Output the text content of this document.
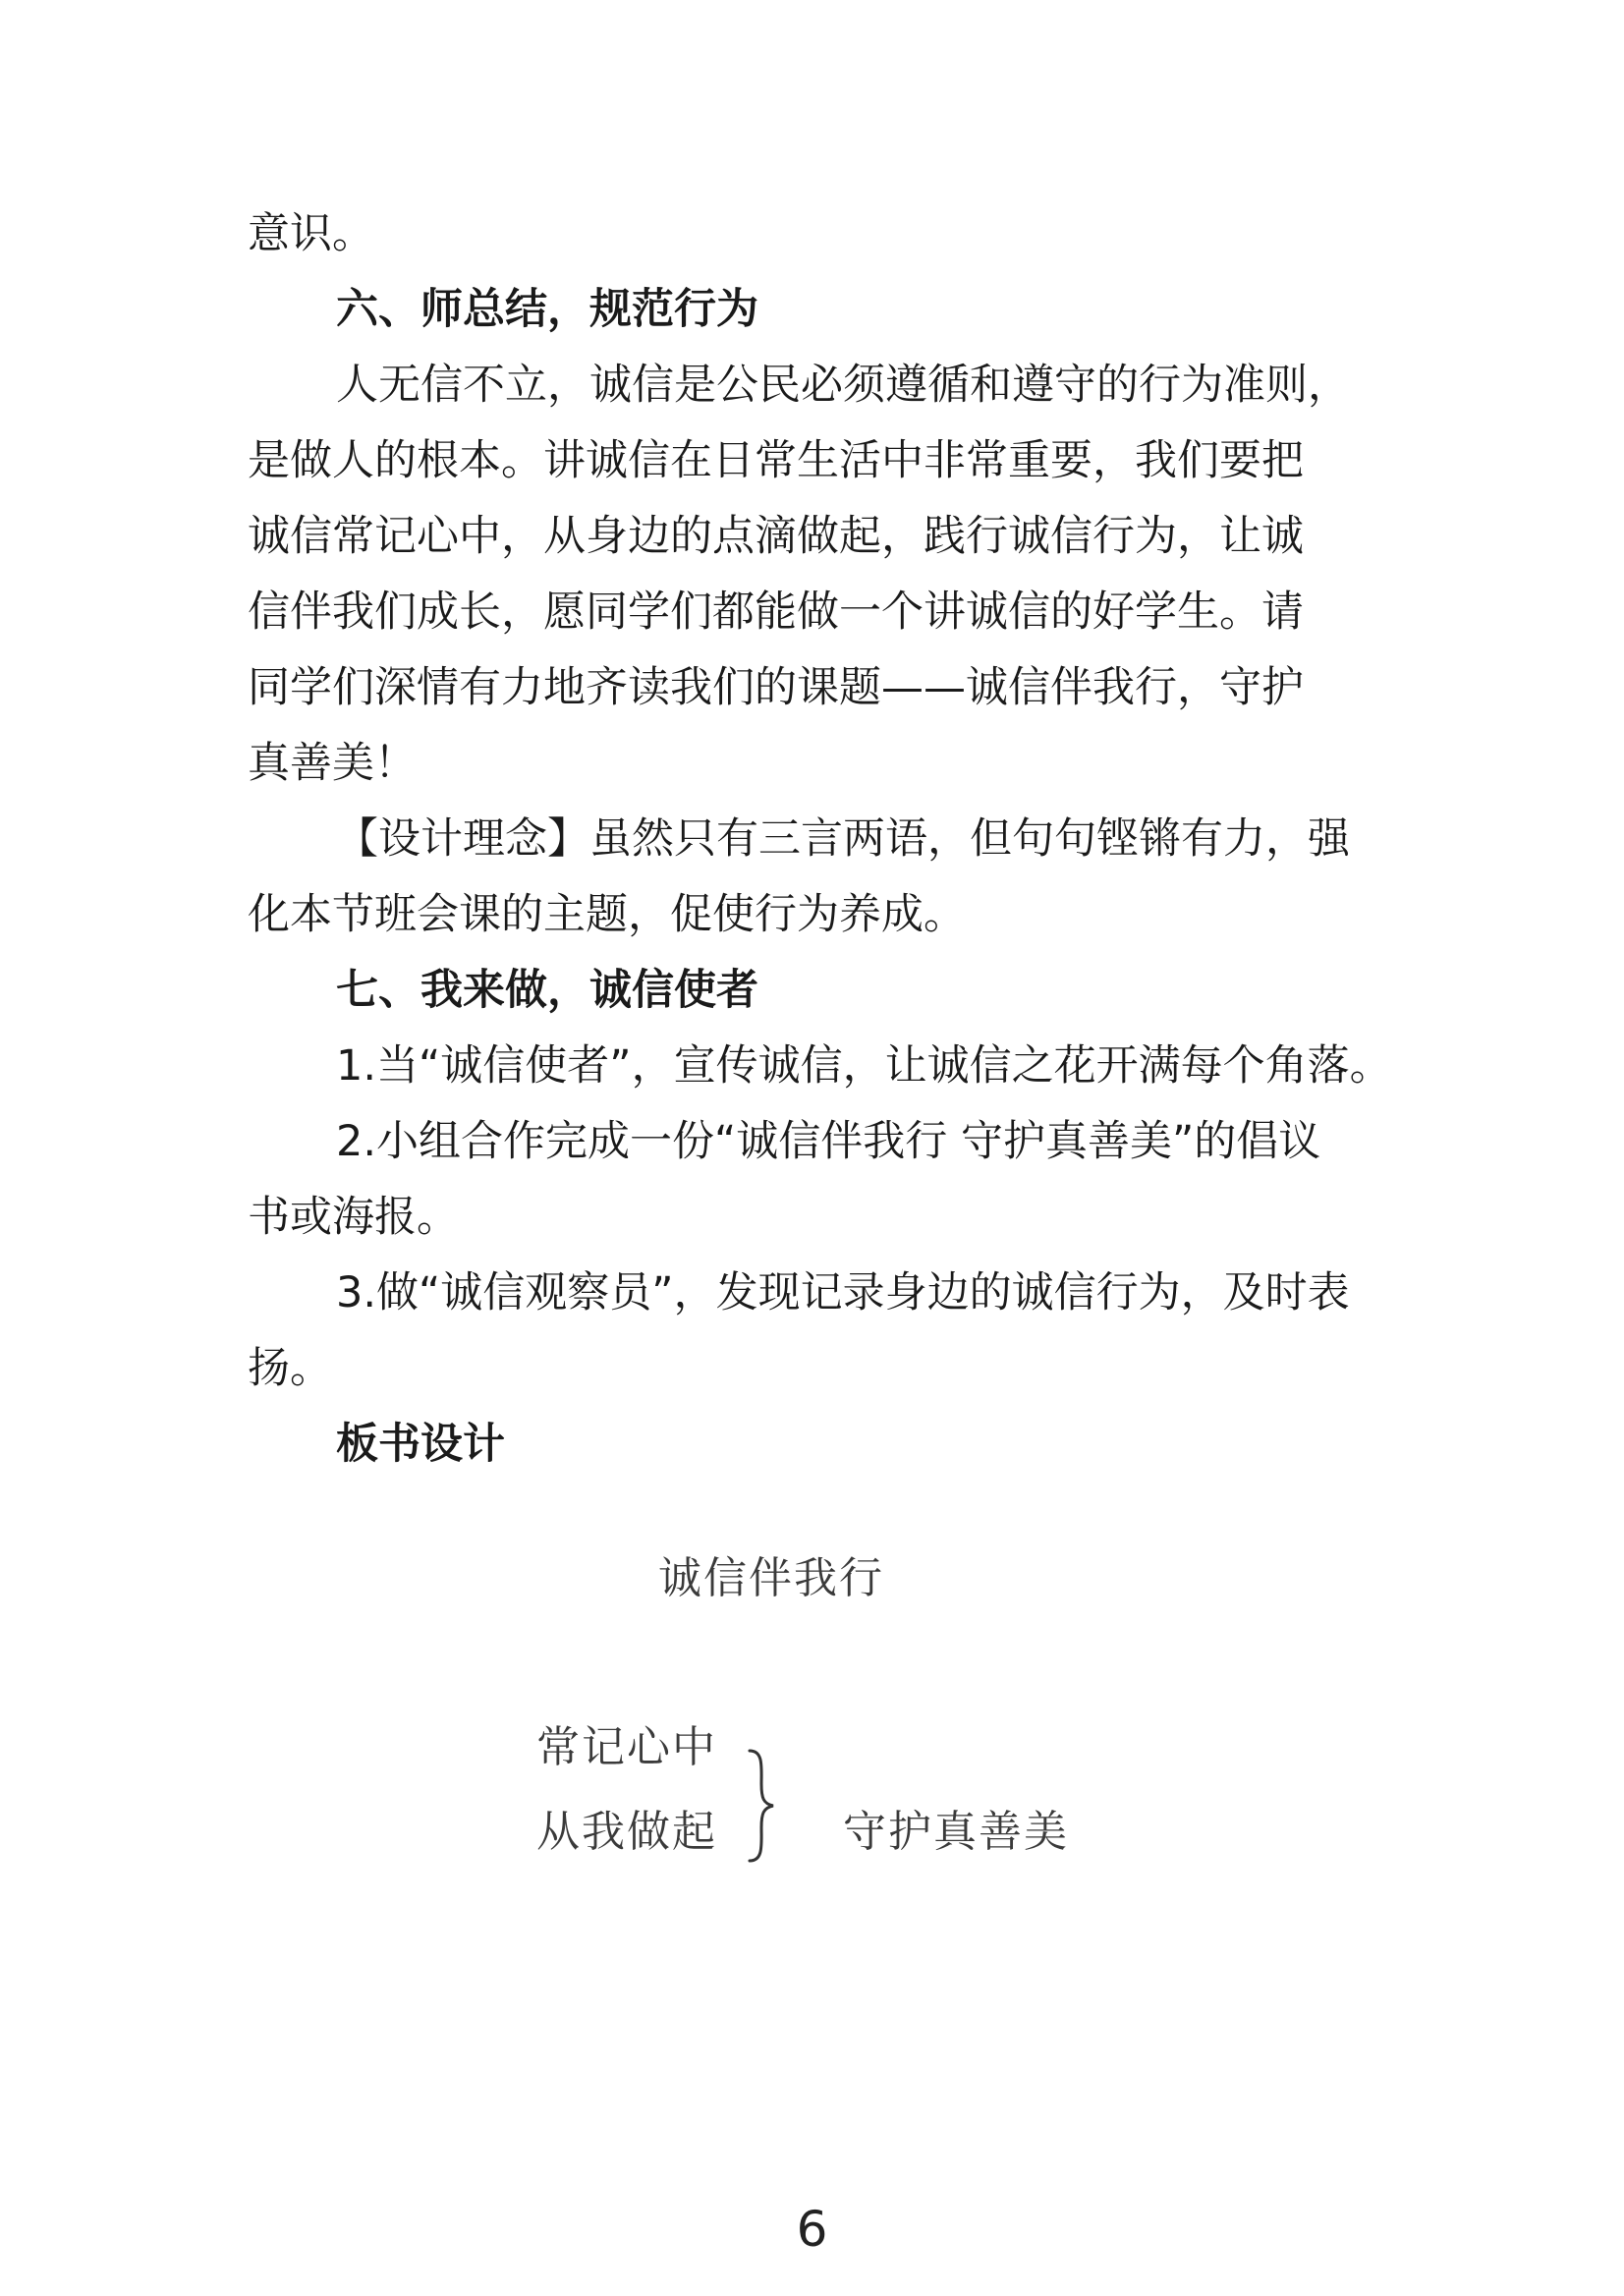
意识。
六、师总结，规范行为
人无信不立，诚信是公民必须遵循和遵守的行为准则，
是做人的根本。讲诚信在日常生活中非常重要，我们要把
诚信常记心中，从身边的点滴做起，践行诚信行为，让诚
信伴我们成长，愿同学们都能做一个讲诚信的好学生。请
同学们深情有力地齐读我们的课题——诚信伴我行，守护
真善美！
【设计理念】虽然只有三言两语，但句句铿锵有力，强
化本节班会课的主题，促使行为养成。
七、我来做，诚信使者
1.当“诚信使者”，宣传诚信，让诚信之花开满每个角落。
2.小组合作完成一份“诚信伴我行 守护真善美”的倡议
书或海报。
3.做“诚信观察员”，发现记录身边的诚信行为，及时表
扬。
板书设计
诚信伴我行
常记心中
从我做起	守护真善美
6
